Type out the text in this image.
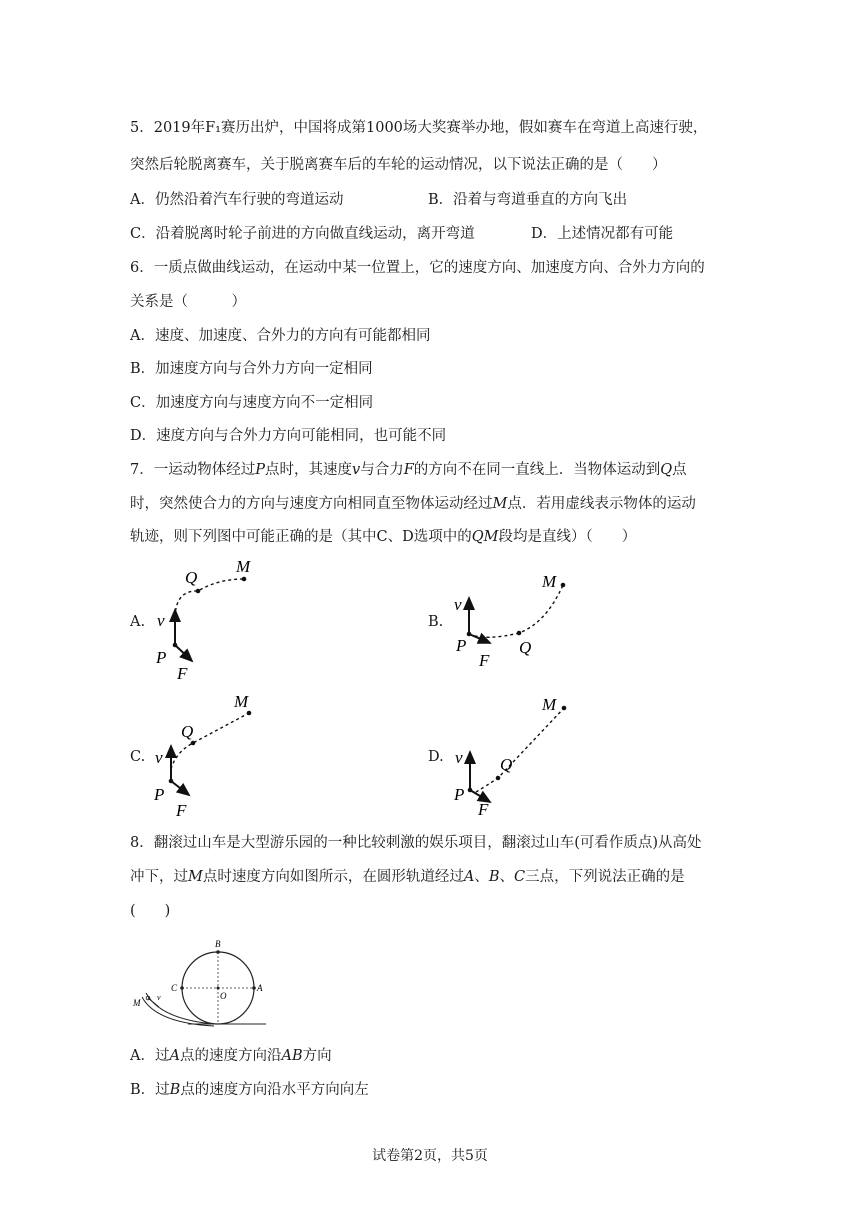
5．2019年F₁赛历出炉，中国将成第1000场大奖赛举办地，假如赛车在弯道上高速行驶，
突然后轮脱离赛车，关于脱离赛车后的车轮的运动情况，以下说法正确的是（　　）
A．仍然沿着汽车行驶的弯道运动	B．沿着与弯道垂直的方向飞出
C．沿着脱离时轮子前进的方向做直线运动，离开弯道	D．上述情况都有可能
6．一质点做曲线运动，在运动中某一位置上，它的速度方向、加速度方向、合外力方向的
关系是（　　　）
A．速度、加速度、合外力的方向有可能都相同
B．加速度方向与合外力方向一定相同
C．加速度方向与速度方向不一定相同
D．速度方向与合外力方向可能相同，也可能不同
7．一运动物体经过P点时，其速度v与合力F的方向不在同一直线上．当物体运动到Q点
时，突然使合力的方向与速度方向相同直至物体运动经过M点．若用虚线表示物体的运动
轨迹，则下列图中可能正确的是（其中C、D选项中的QM段均是直线）（　　）
A.	B.
C.	D.
Q
M
v
P
F
v
P
F
Q
M
Q
M
v
P
F
v Q
P
F
M
8．翻滚过山车是大型游乐园的一种比较刺激的娱乐项目，翻滚过山车(可看作质点)从高处
冲下，过M点时速度方向如图所示，在圆形轨道经过A、B、C三点，下列说法正确的是
(　　)
B
C
O
A
M
v
A．过A点的速度方向沿AB方向
B．过B点的速度方向沿水平方向向左
试卷第2页，共5页
